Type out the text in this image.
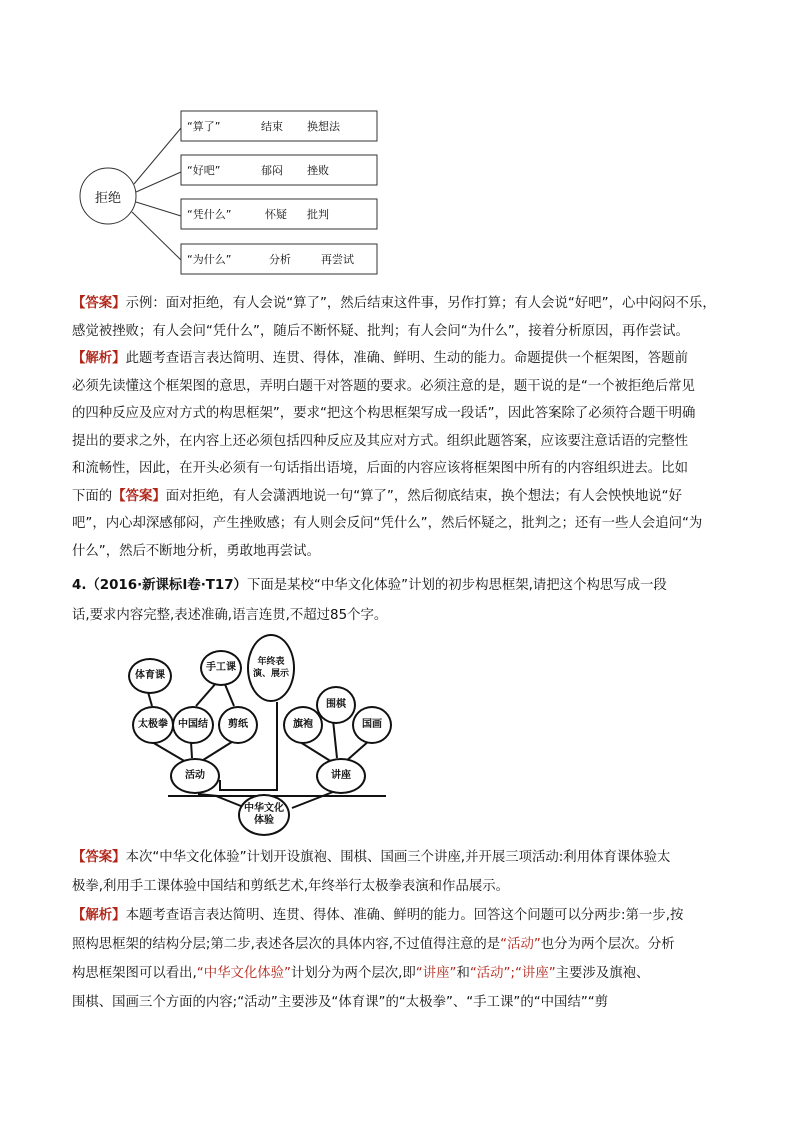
拒绝
“算了”	结束 换想法
“好吧”	郁闷 挫败
“凭什么”	怀疑 批判
“为什么”	分析	再尝试
【答案】示例：面对拒绝，有人会说“算了”，然后结束这件事，另作打算；有人会说“好吧”，心中闷闷不乐，
感觉被挫败；有人会问“凭什么”，随后不断怀疑、批判；有人会问“为什么”，接着分析原因，再作尝试。
【解析】此题考查语言表达简明、连贯、得体，准确、鲜明、生动的能力。命题提供一个框架图，答题前
必须先读懂这个框架图的意思，弄明白题干对答题的要求。必须注意的是，题干说的是“一个被拒绝后常见
的四种反应及应对方式的构思框架”，要求“把这个构思框架写成一段话”，因此答案除了必须符合题干明确
提出的要求之外，在内容上还必须包括四种反应及其应对方式。组织此题答案，应该要注意话语的完整性
和流畅性，因此，在开头必须有一句话指出语境，后面的内容应该将框架图中所有的内容组织进去。比如
下面的【答案】面对拒绝，有人会潇洒地说一句“算了”，然后彻底结束，换个想法；有人会怏怏地说“好
吧”，内心却深感郁闷，产生挫败感；有人则会反问“凭什么”，然后怀疑之，批判之；还有一些人会追问“为
什么”，然后不断地分析，勇敢地再尝试。
4.（2016·新课标Ⅰ卷·T17）下面是某校“中华文化体验”计划的初步构思框架,请把这个构思写成一段
话,要求内容完整,表述准确,语言连贯,不超过85个字。
体育课
太极拳
手工课
中国结	剪纸
年终表演、展示
活动
旗袍
围棋
国画
讲座
中华文化体验
【答案】本次“中华文化体验”计划开设旗袍、围棋、国画三个讲座,并开展三项活动:利用体育课体验太
极拳,利用手工课体验中国结和剪纸艺术,年终举行太极拳表演和作品展示。
【解析】本题考查语言表达简明、连贯、得体、准确、鲜明的能力。回答这个问题可以分两步:第一步,按
照构思框架的结构分层;第二步,表述各层次的具体内容,不过值得注意的是“活动”也分为两个层次。分析
构思框架图可以看出,“中华文化体验”计划分为两个层次,即“讲座”和“活动”;“讲座”主要涉及旗袍、
围棋、国画三个方面的内容;“活动”主要涉及“体育课”的“太极拳”、“手工课”的“中国结”“剪
